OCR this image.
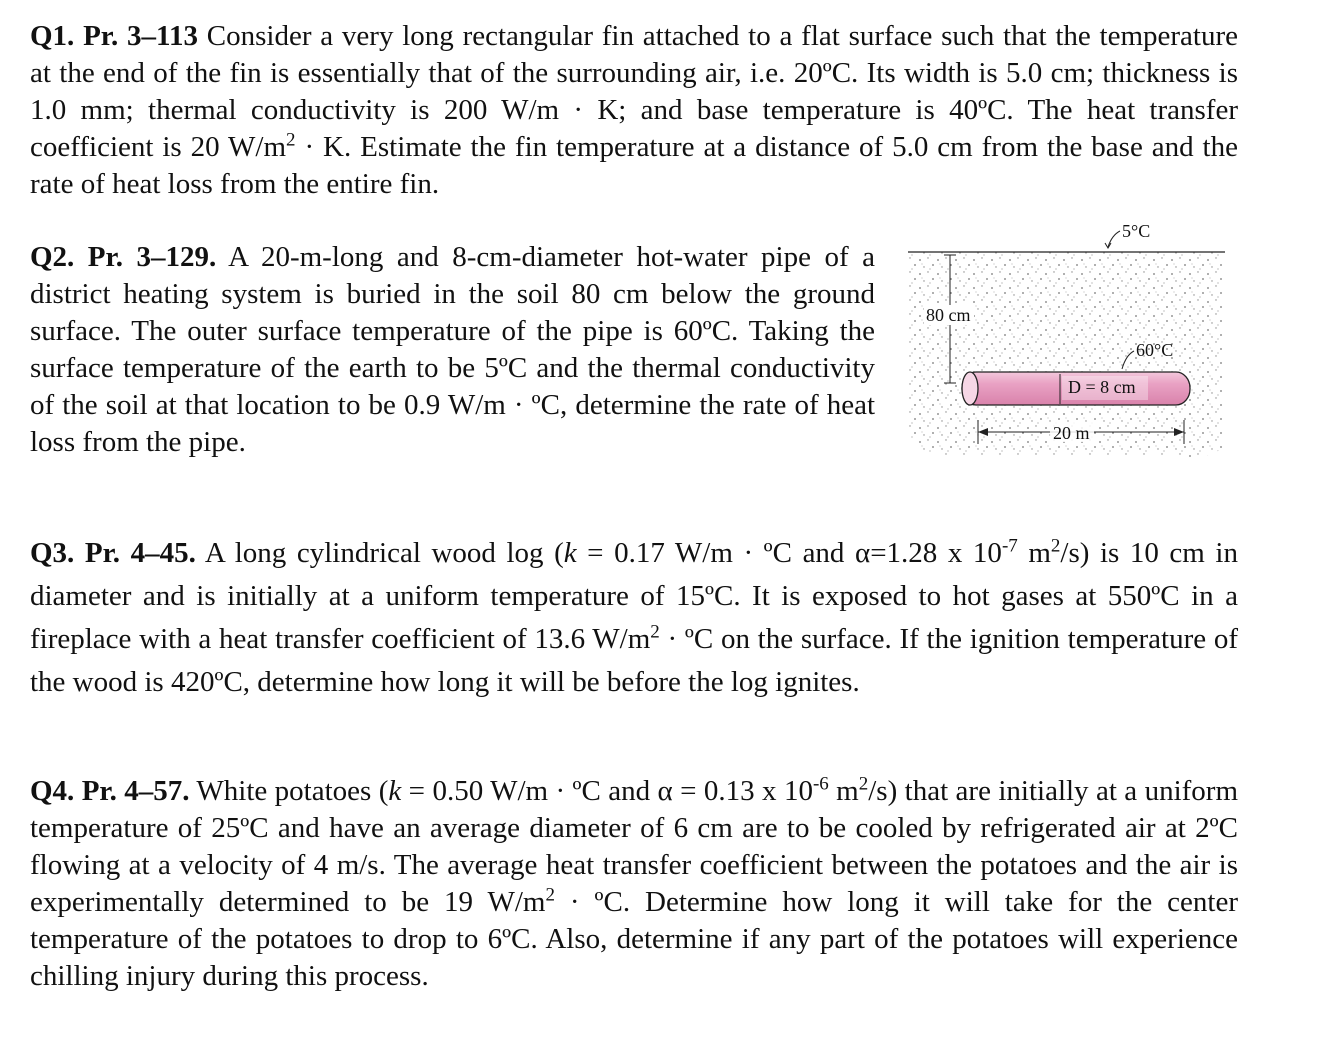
Q1. Pr. 3–113 Consider a very long rectangular fin attached to a flat surface such that the temperature at the end of the fin is essentially that of the surrounding air, i.e. 20ºC. Its width is 5.0 cm; thickness is 1.0 mm; thermal conductivity is 200 W/m · K; and base temperature is 40ºC. The heat transfer coefficient is 20 $W/m^2 \cdot K$. Estimate the fin temperature at a distance of 5.0 cm from the base and the rate of heat loss from the entire fin.
Q2. Pr. 3–129. A 20-m-long and 8-cm-diameter hot-water pipe of a district heating system is buried in the soil 80 cm below the ground surface. The outer surface temperature of the pipe is 60ºC. Taking the surface temperature of the earth to be 5ºC and the thermal conductivity of the soil at that location to be 0.9 W/m · ºC, determine the rate of heat loss from the pipe.
5°C
80 cm
D = 8 cm
60°C
20 m
Q3. Pr. 4–45. A long cylindrical wood log (k = 0.17 W/m · ºC and α=1.28 x $10^{-7}$ $m^2/s$) is 10 cm in diameter and is initially at a uniform temperature of 15ºC. It is exposed to hot gases at 550ºC in a fireplace with a heat transfer coefficient of 13.6 $W/m^2$ · ºC on the surface. If the ignition temperature of the wood is 420ºC, determine how long it will be before the log ignites.
Q4. Pr. 4–57. White potatoes (k = 0.50 W/m · ºC and α = 0.13 x $10^{-6}$ $m^2/s$) that are initially at a uniform temperature of 25ºC and have an average diameter of 6 cm are to be cooled by refrigerated air at 2ºC flowing at a velocity of 4 m/s. The average heat transfer coefficient between the potatoes and the air is experimentally determined to be 19 $W/m^2$ · ºC. Determine how long it will take for the center temperature of the potatoes to drop to 6ºC. Also, determine if any part of the potatoes will experience chilling injury during this process.
